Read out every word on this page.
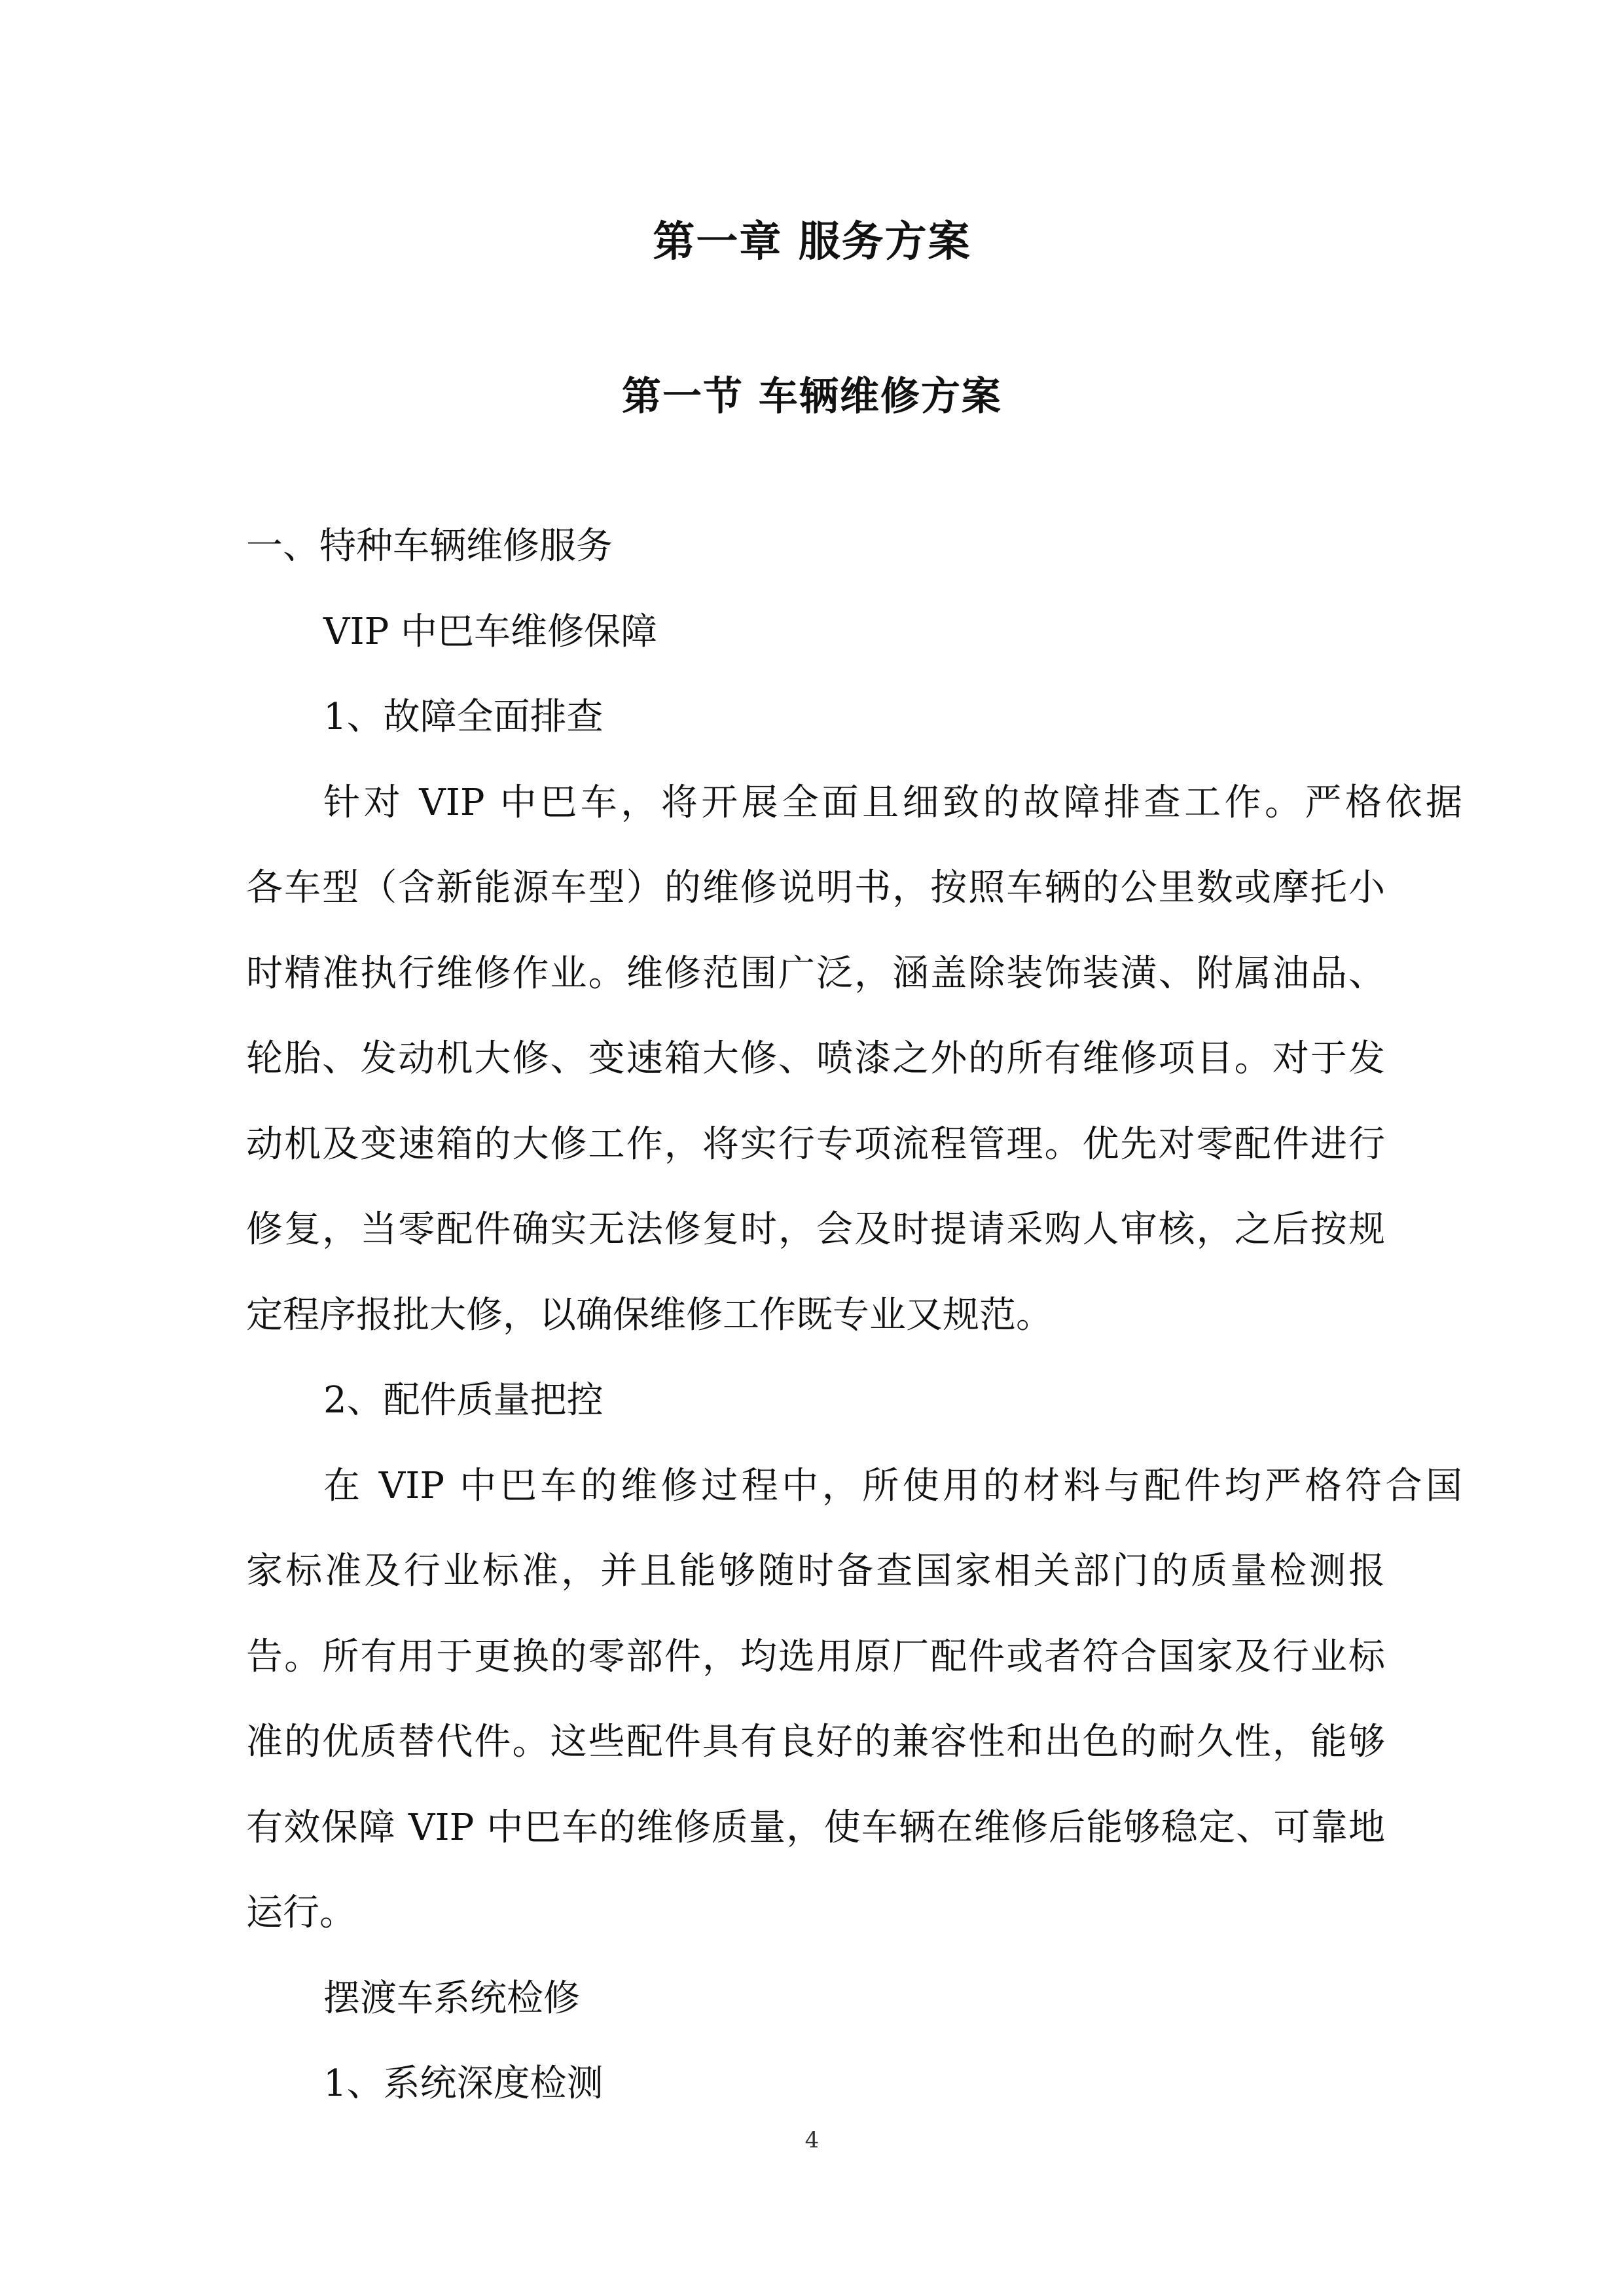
第一章 服务方案
第一节 车辆维修方案
一、特种车辆维修服务
VIP 中巴车维修保障
1、故障全面排查
针对 VIP 中巴车，将开展全面且细致的故障排查工作。严格依据
各车型（含新能源车型）的维修说明书，按照车辆的公里数或摩托小
时精准执行维修作业。维修范围广泛，涵盖除装饰装潢、附属油品、
轮胎、发动机大修、变速箱大修、喷漆之外的所有维修项目。对于发
动机及变速箱的大修工作，将实行专项流程管理。优先对零配件进行
修复，当零配件确实无法修复时，会及时提请采购人审核，之后按规
定程序报批大修，以确保维修工作既专业又规范。
2、配件质量把控
在 VIP 中巴车的维修过程中，所使用的材料与配件均严格符合国
家标准及行业标准，并且能够随时备查国家相关部门的质量检测报
告。所有用于更换的零部件，均选用原厂配件或者符合国家及行业标
准的优质替代件。这些配件具有良好的兼容性和出色的耐久性，能够
有效保障 VIP 中巴车的维修质量，使车辆在维修后能够稳定、可靠地
运行。
摆渡车系统检修
1、系统深度检测
4
